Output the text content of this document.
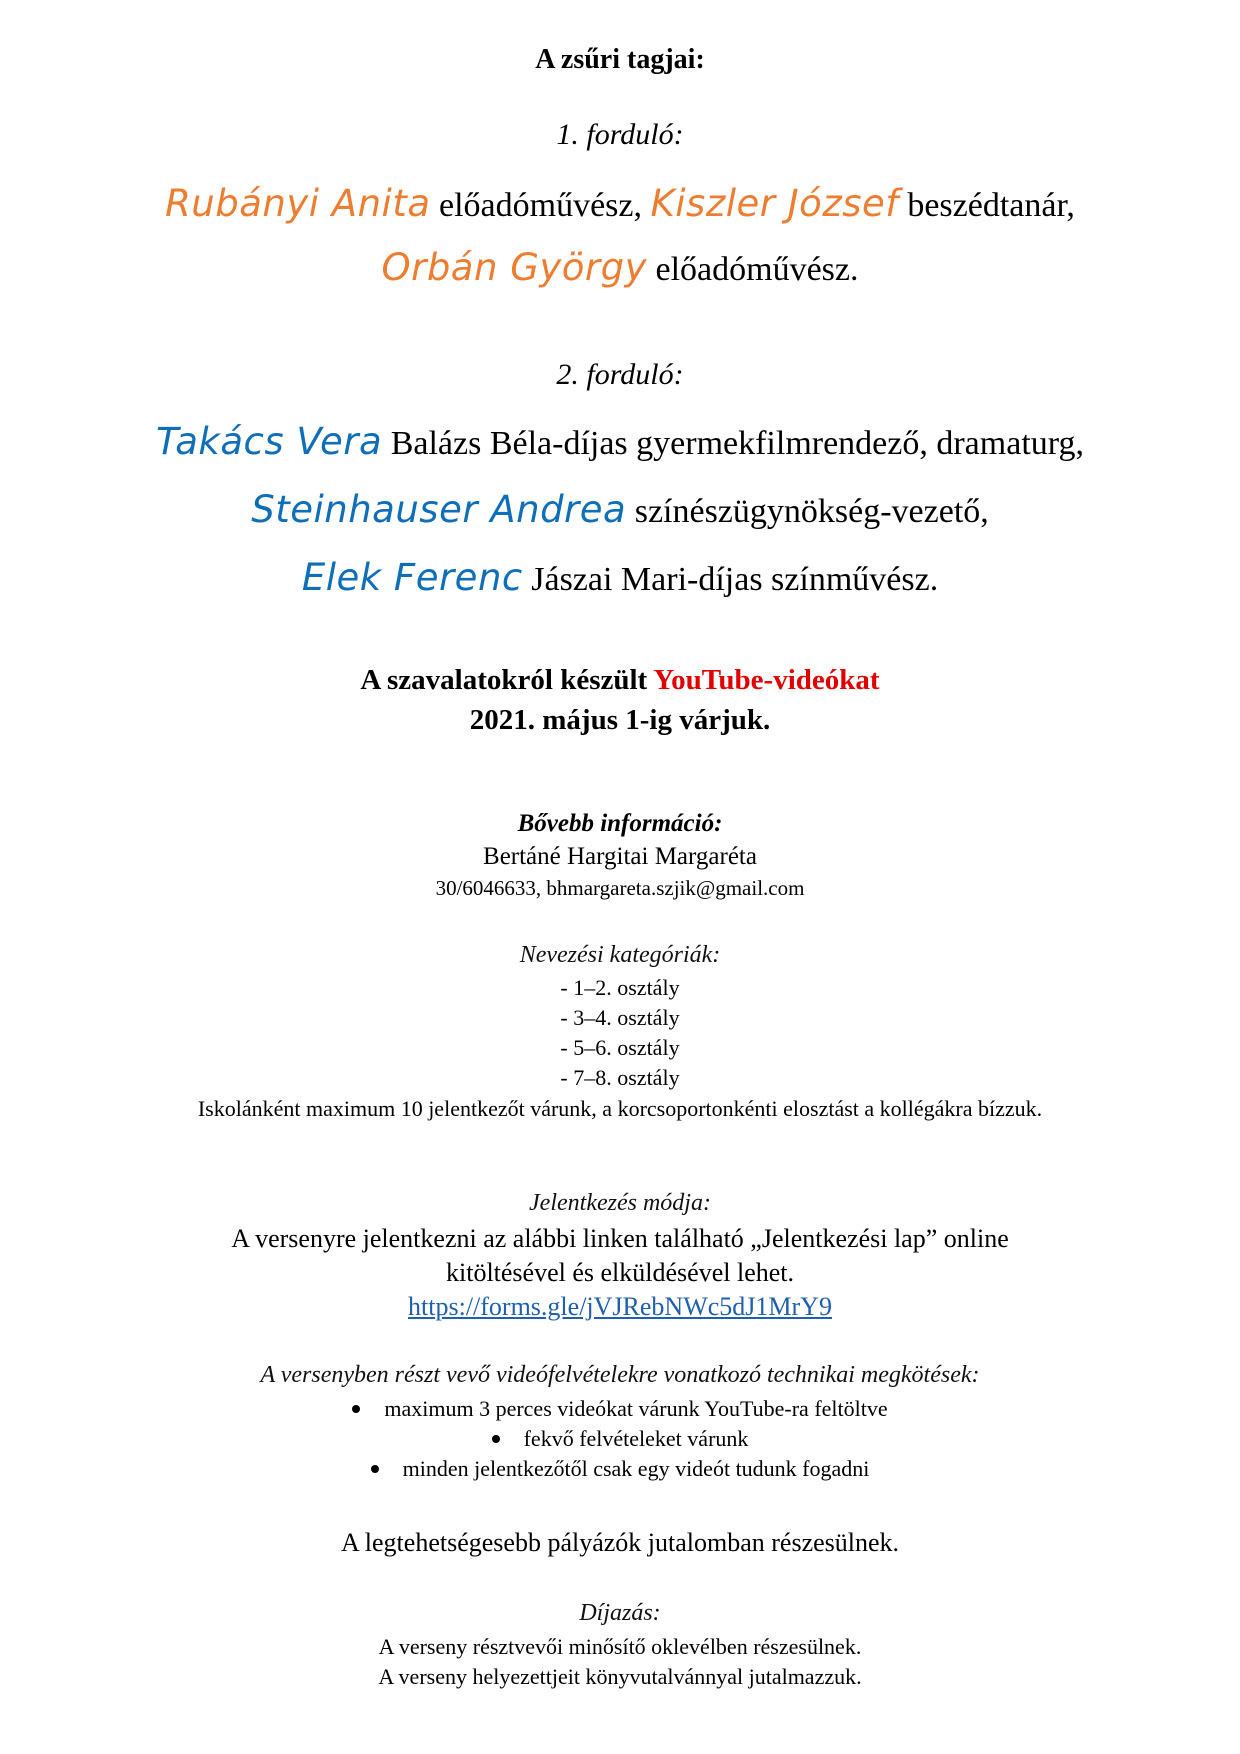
A zsűri tagjai:
1. forduló:
Rubányi Anita előadóművész, Kiszler József beszédtanár,
Orbán György előadóművész.
2. forduló:
Takács Vera Balázs Béla-díjas gyermekfilmrendező, dramaturg,
Steinhauser Andrea színészügynökség-vezető,
Elek Ferenc Jászai Mari-díjas színművész.
A szavalatokról készült YouTube-videókat
2021. május 1-ig várjuk.
Bővebb információ:
Bertáné Hargitai Margaréta
30/6046633, bhmargareta.szjik@gmail.com
Nevezési kategóriák:
- 1–2. osztály
- 3–4. osztály
- 5–6. osztály
- 7–8. osztály
Iskolánként maximum 10 jelentkezőt várunk, a korcsoportonkénti elosztást a kollégákra bízzuk.
Jelentkezés módja:
A versenyre jelentkezni az alábbi linken található „Jelentkezési lap” online
kitöltésével és elküldésével lehet.
https://forms.gle/jVJRebNWc5dJ1MrY9
A versenyben részt vevő videófelvételekre vonatkozó technikai megkötések:
maximum 3 perces videókat várunk YouTube-ra feltöltve
fekvő felvételeket várunk
minden jelentkezőtől csak egy videót tudunk fogadni
A legtehetségesebb pályázók jutalomban részesülnek.
Díjazás:
A verseny résztvevői minősítő oklevélben részesülnek.
A verseny helyezettjeit könyvutalvánnyal jutalmazzuk.
